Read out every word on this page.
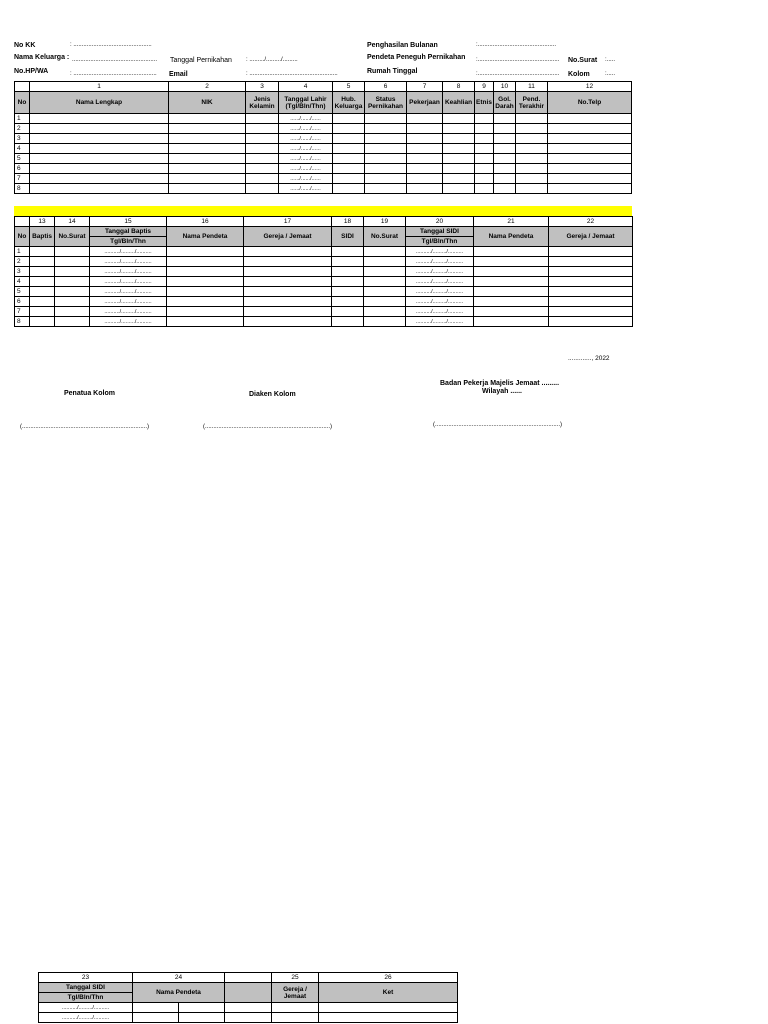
No KK	: ...............................................
Nama Keluarga : ................................................... Tanggal Pernikahan : ........./........./.........
No.HP/WA	: .................................................. Email	: .....................................................
Penghasilan Bulanan	:...............................................
Pendeta Peneguh Pernikahan :................................................. No.Surat :.....
Rumah Tinggal	:................................................. Kolom	:.....
	1	2	3	4	5	6	7	8	9	10	11	12
No	Nama Lengkap	NIK	Jenis Kelamin	Tanggal Lahir (Tgl/Bln/Thn)	Hub. Keluarga	Status Pernikahan	Pekerjaan	Keahlian	Etnis	Gol. Darah	Pend. Terakhir	No.Telp
1				....../....../......								
2				....../....../......								
3				....../....../......								
4				....../....../......								
5				....../....../......								
6				....../....../......								
7				....../....../......								
8				....../....../......								
	13	14	15	16	17	18	19	20	21	22
No	Baptis	No.Surat	Tanggal Baptis	Nama Pendeta	Gereja / Jemaat	SIDI	No.Surat	Tanggal SIDI	Nama Pendeta	Gereja / Jemaat
			Tgl/Bln/Thn					Tgl/Bln/Thn		
1			........../........./..........					........../........./..........		
2			........../........./..........					........../........./..........		
3			........../........./..........					........../........./..........		
4			........../........./..........					........../........./..........		
5			........../........./..........					........../........./..........		
6			........../........./..........					........../........./..........		
7			........../........./..........					........../........./..........		
8			........../........./..........					........../........./..........		
............., 2022
Penatua Kolom	Diaken Kolom
Badan Pekerja Majelis Jemaat .........
Wilayah ......
(...........................................................................)	(...........................................................................)	(...........................................................................)
23	24			25	26
Tanggal SIDI	Nama Pendeta			Gereja / Jemaat	Ket
Tgl/Bln/Thn					
........../........./..........					
........../........./..........					
